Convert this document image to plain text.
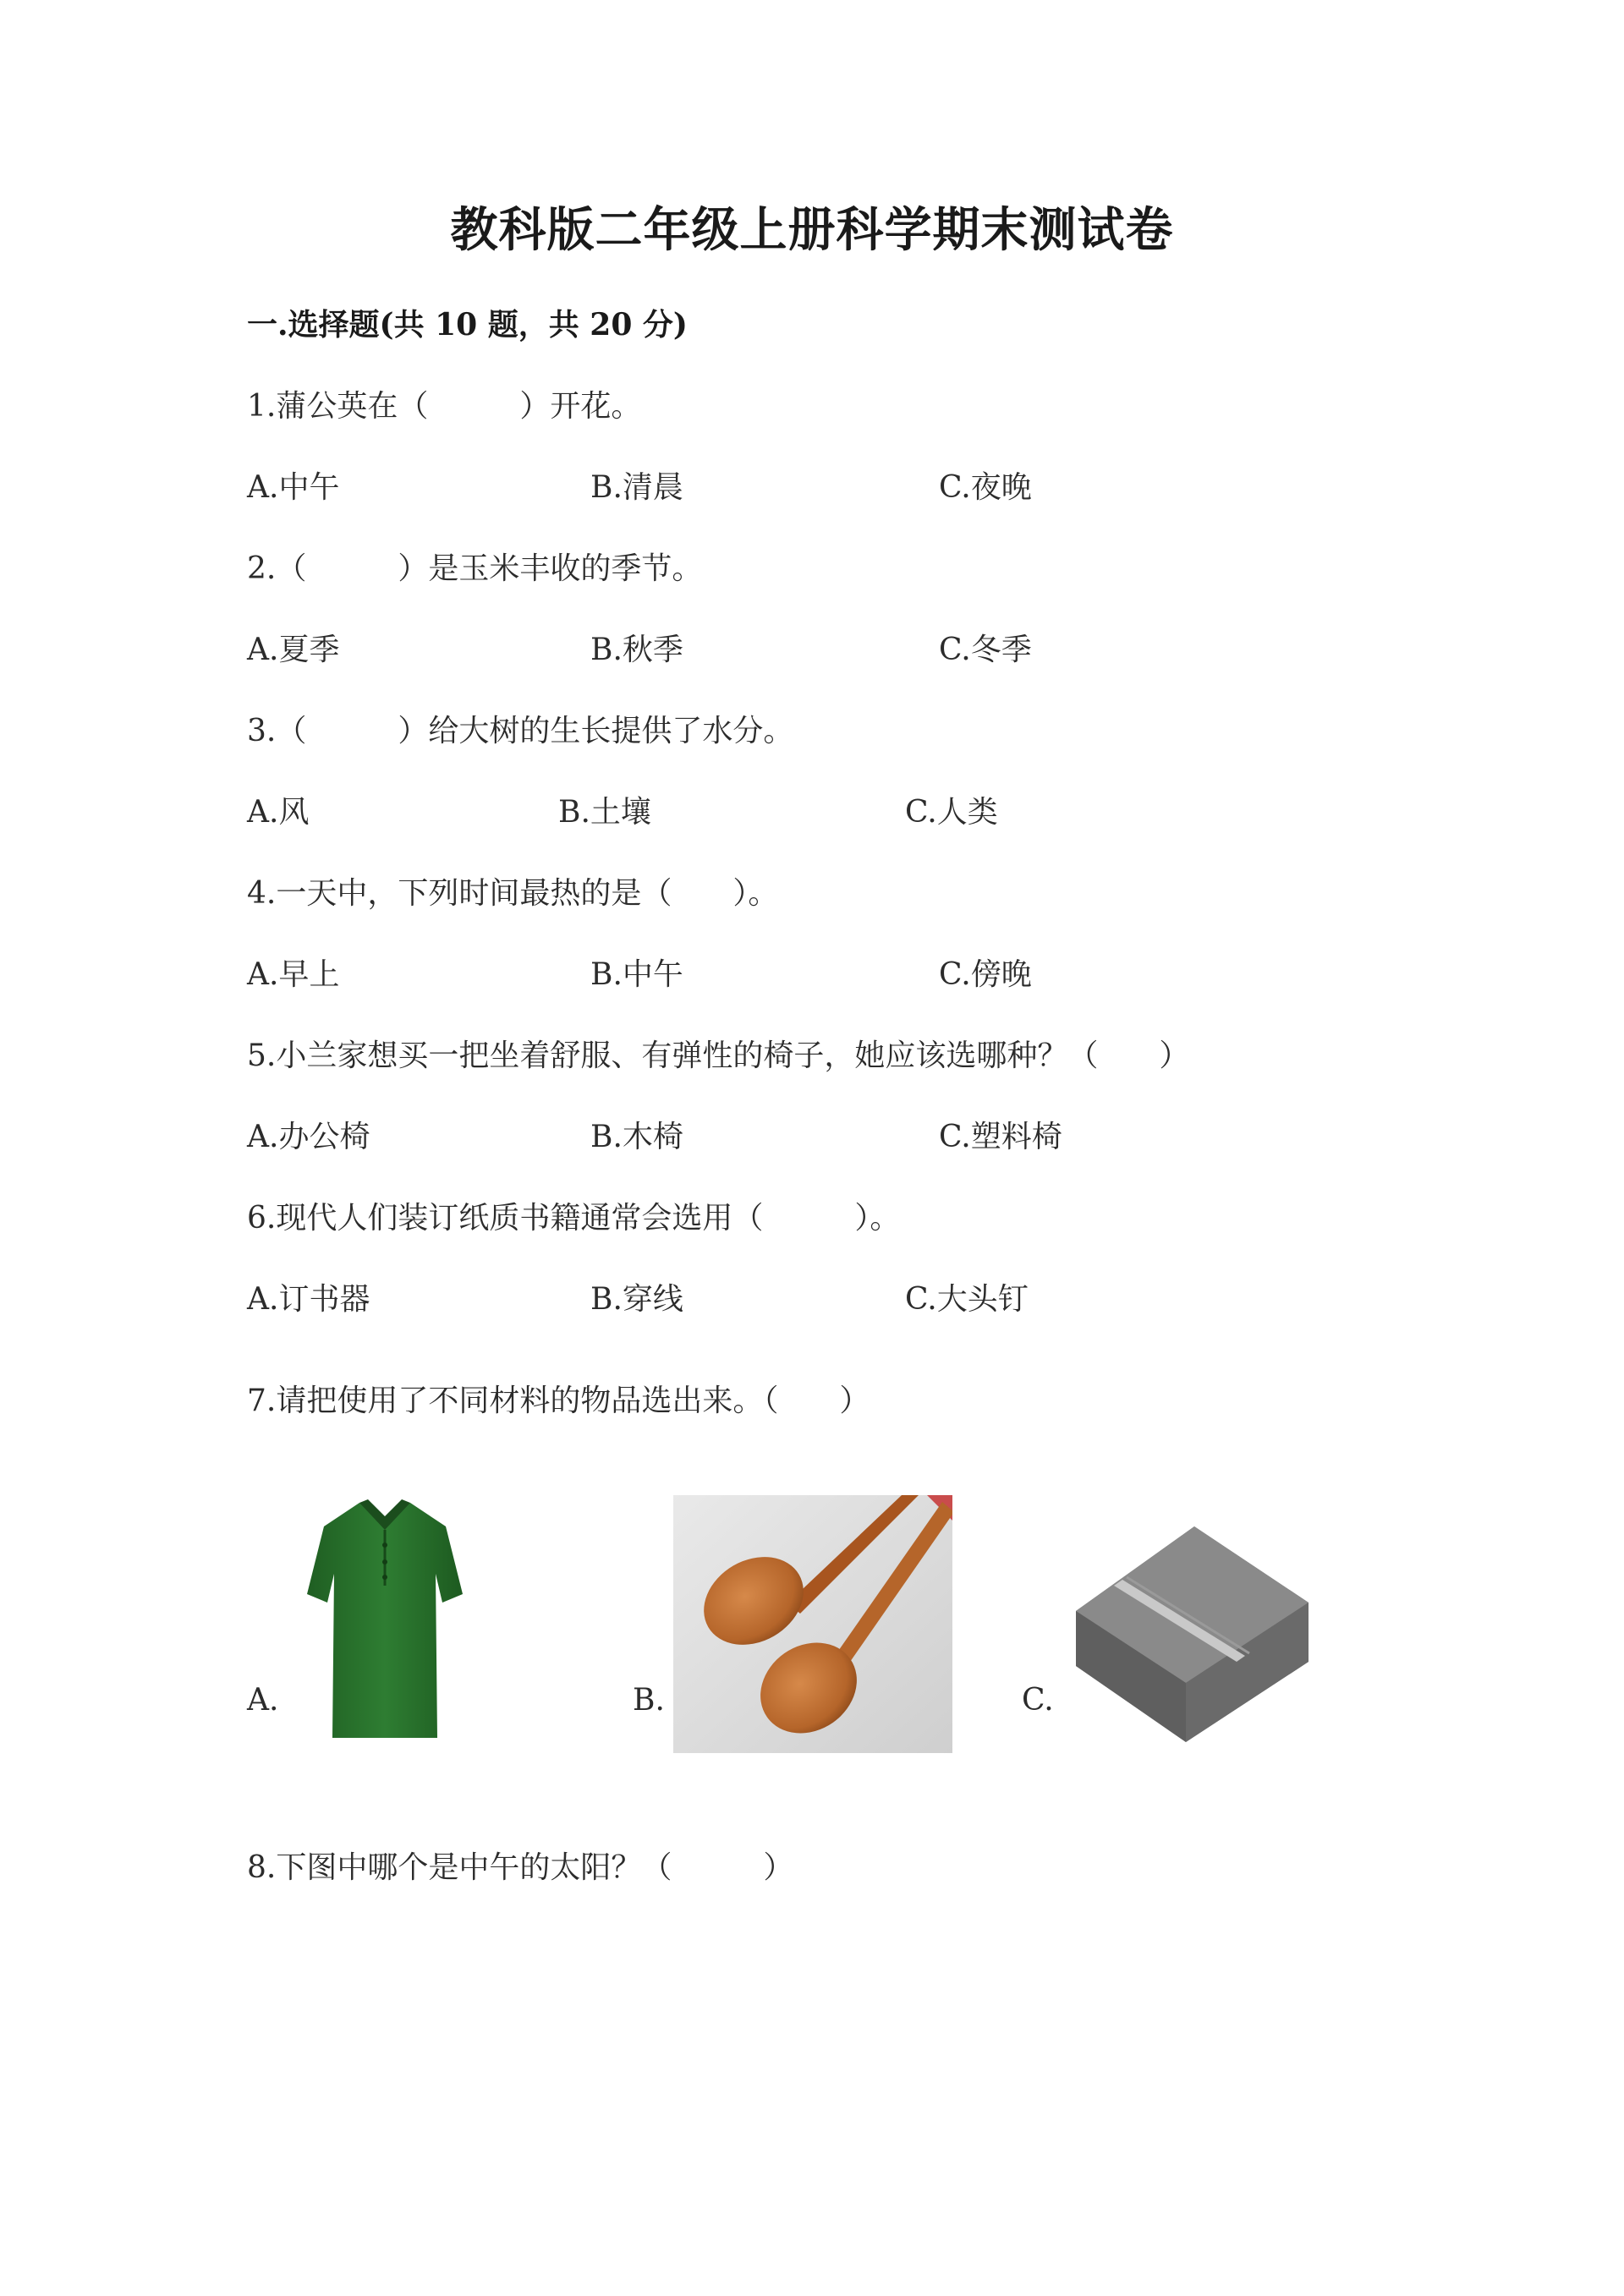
教科版二年级上册科学期末测试卷
一.选择题(共 10 题，共 20 分)
1.蒲公英在（　　　）开花。
A.中午	B.清晨	C.夜晚
2.（　　　）是玉米丰收的季节。
A.夏季	B.秋季	C.冬季
3.（　　　）给大树的生长提供了水分。
A.风	B.土壤	C.人类
4.一天中，下列时间最热的是（　　）。
A.早上	B.中午	C.傍晚
5.小兰家想买一把坐着舒服、有弹性的椅子，她应该选哪种？（　　）
A.办公椅	B.木椅	C.塑料椅
6.现代人们装订纸质书籍通常会选用（　　　）。
A.订书器	B.穿线	C.大头钉
7.请把使用了不同材料的物品选出来。（　　）
A.	B.	C.
8.下图中哪个是中午的太阳？（　　　）
